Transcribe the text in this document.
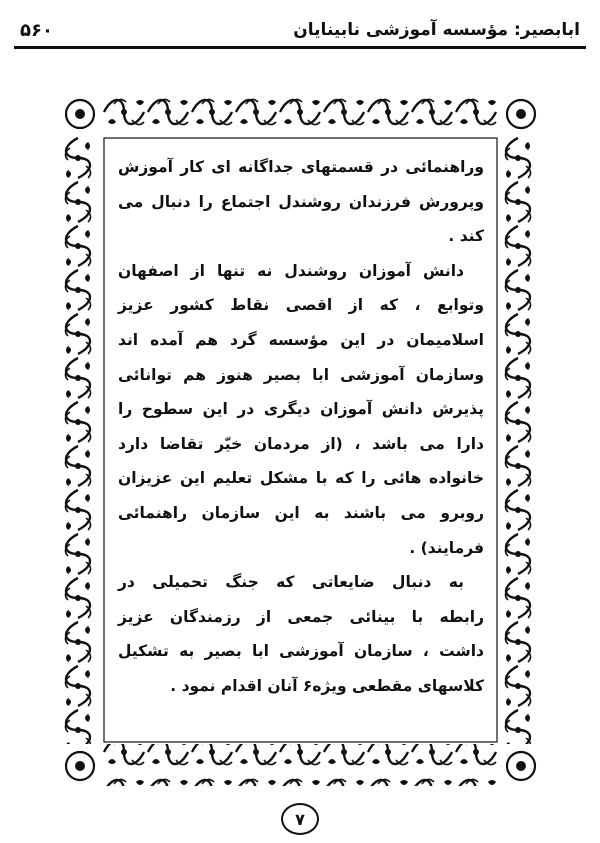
۵۶۰	ابابصیر: مؤسسه آموزشی نابینایان

وراهنمائی در قسمتهای جداگانه ای کار آموزش
وپرورش فرزندان روشندل اجتماع را دنبال می
کند .

دانش آموزان روشندل نه تنها از اصفهان
وتوابع ، که از اقصی نقاط کشور عزیز
اسلامیمان در این مؤسسه گرد هم آمده اند
وسازمان آموزشی ابا بصیر هنوز هم توانائی
پذیرش دانش آموزان دیگری در این سطوح را
دارا می باشد ، (از مردمان خیّر تقاضا دارد
خانواده هائی را که با مشکل تعلیم این عزیزان
روبرو می باشند به این سازمان راهنمائی
فرمایند) .

به دنبال ضایعاتی که جنگ تحمیلی در
رابطه با بینائی جمعی از رزمندگان عزیز
داشت ، سازمان آموزشی ابا بصیر به تشکیل
کلاسهای مقطعی ویژه۶ آنان اقدام نمود .

۷
